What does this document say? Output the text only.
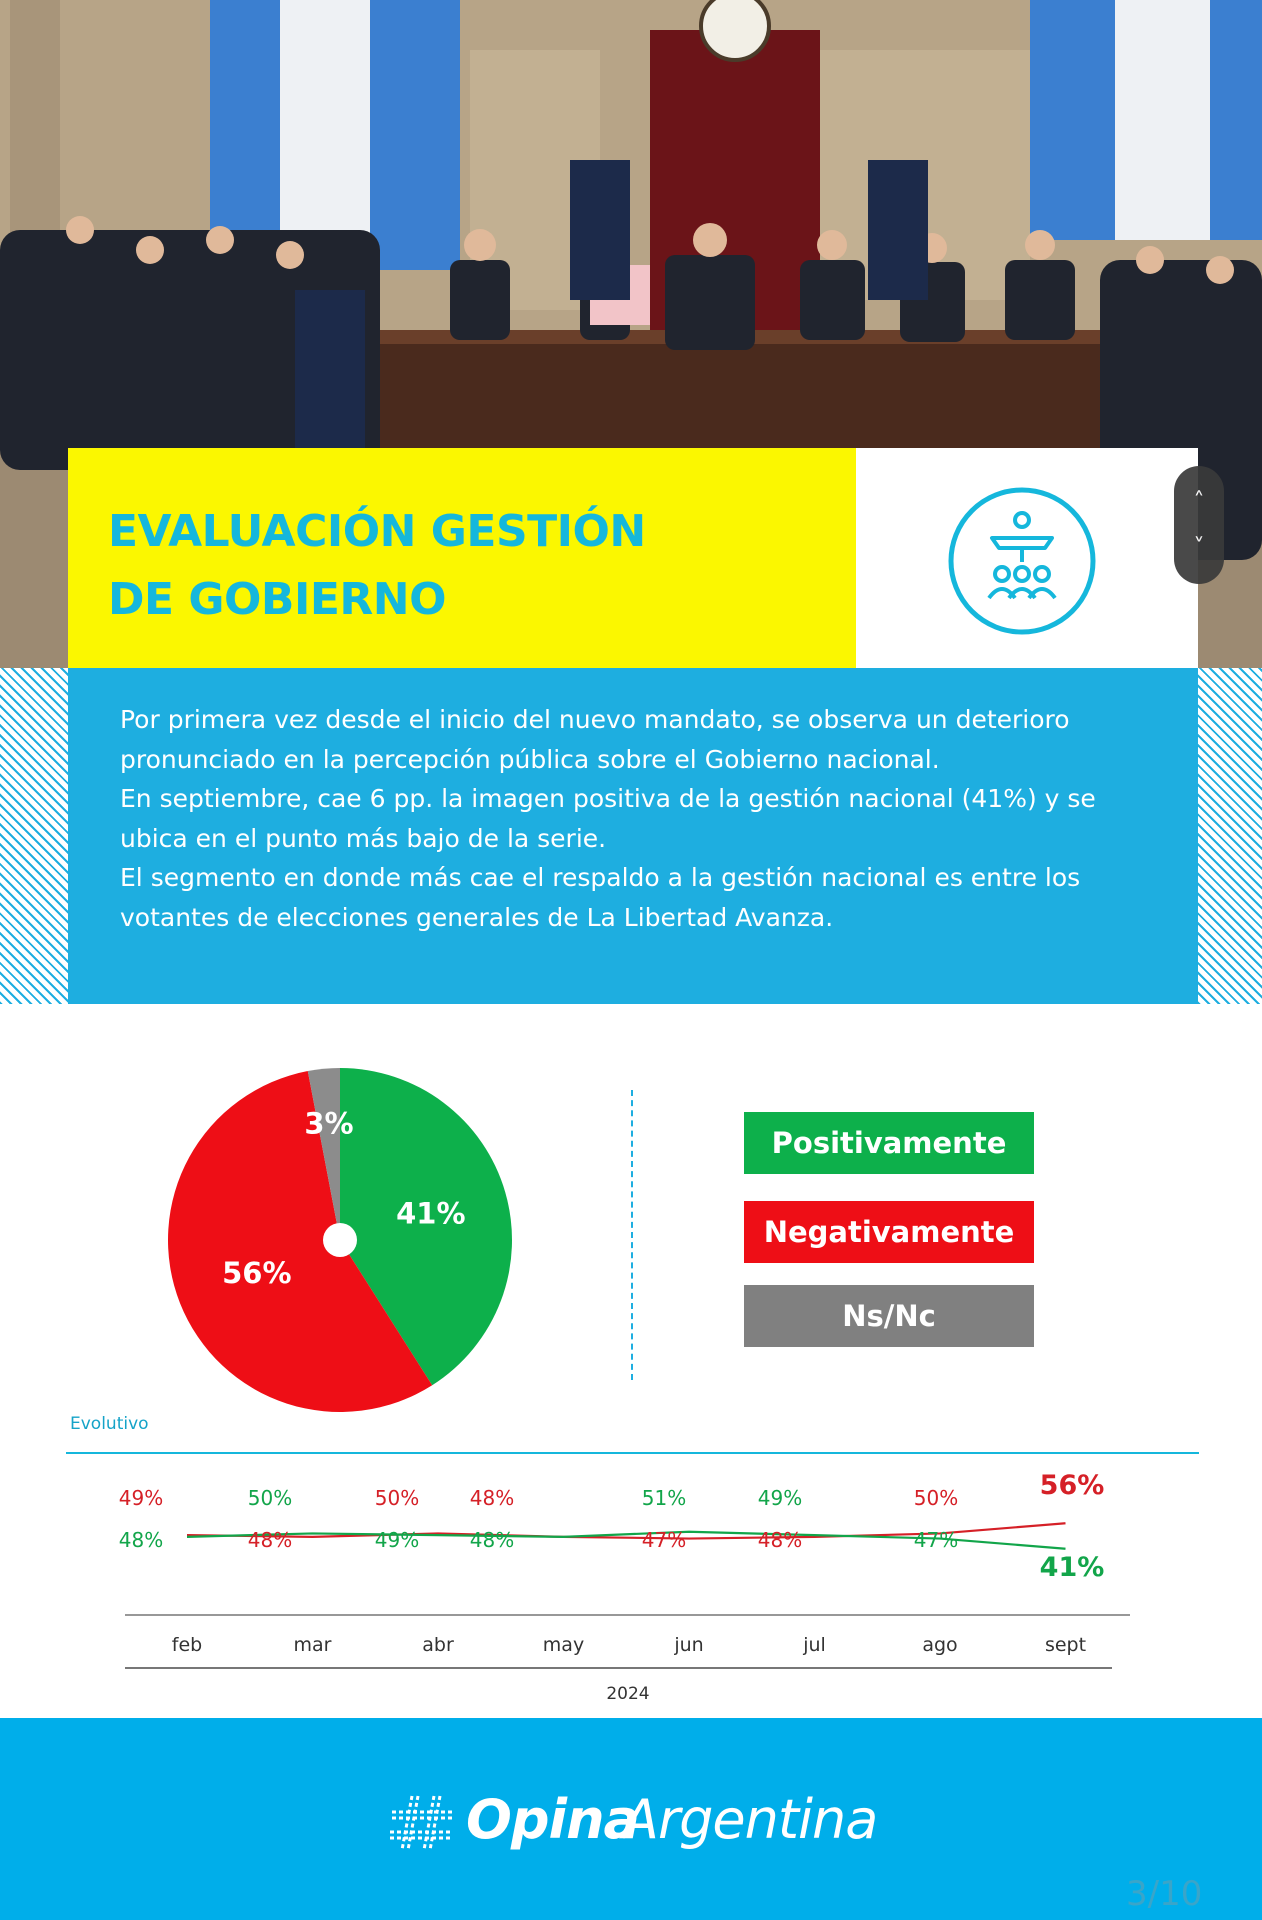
EVALUACIÓN GESTIÓN
DE GOBIERNO
˄
˅

Por primera vez desde el inicio del nuevo mandato, se observa un deterioro pronunciado en la percepción pública sobre el Gobierno nacional.

En septiembre, cae 6 pp. la imagen positiva de la gestión nacional (41%) y se ubica en el punto más bajo de la serie.

El segmento en donde más cae el respaldo a la gestión nacional es entre los votantes de elecciones generales de La Libertad Avanza.

41%
56%
3%
Positivamente
Negativamente
Ns/Nc
Evolutivo
feb	mar	abr	may	jun	jul	ago	sept
2024
49%
48%	48%
50%	50%
49%
48%
48%	47%
51%
48%
49%	50%
47%
56%
41%
Opina
Argentina
3/10
